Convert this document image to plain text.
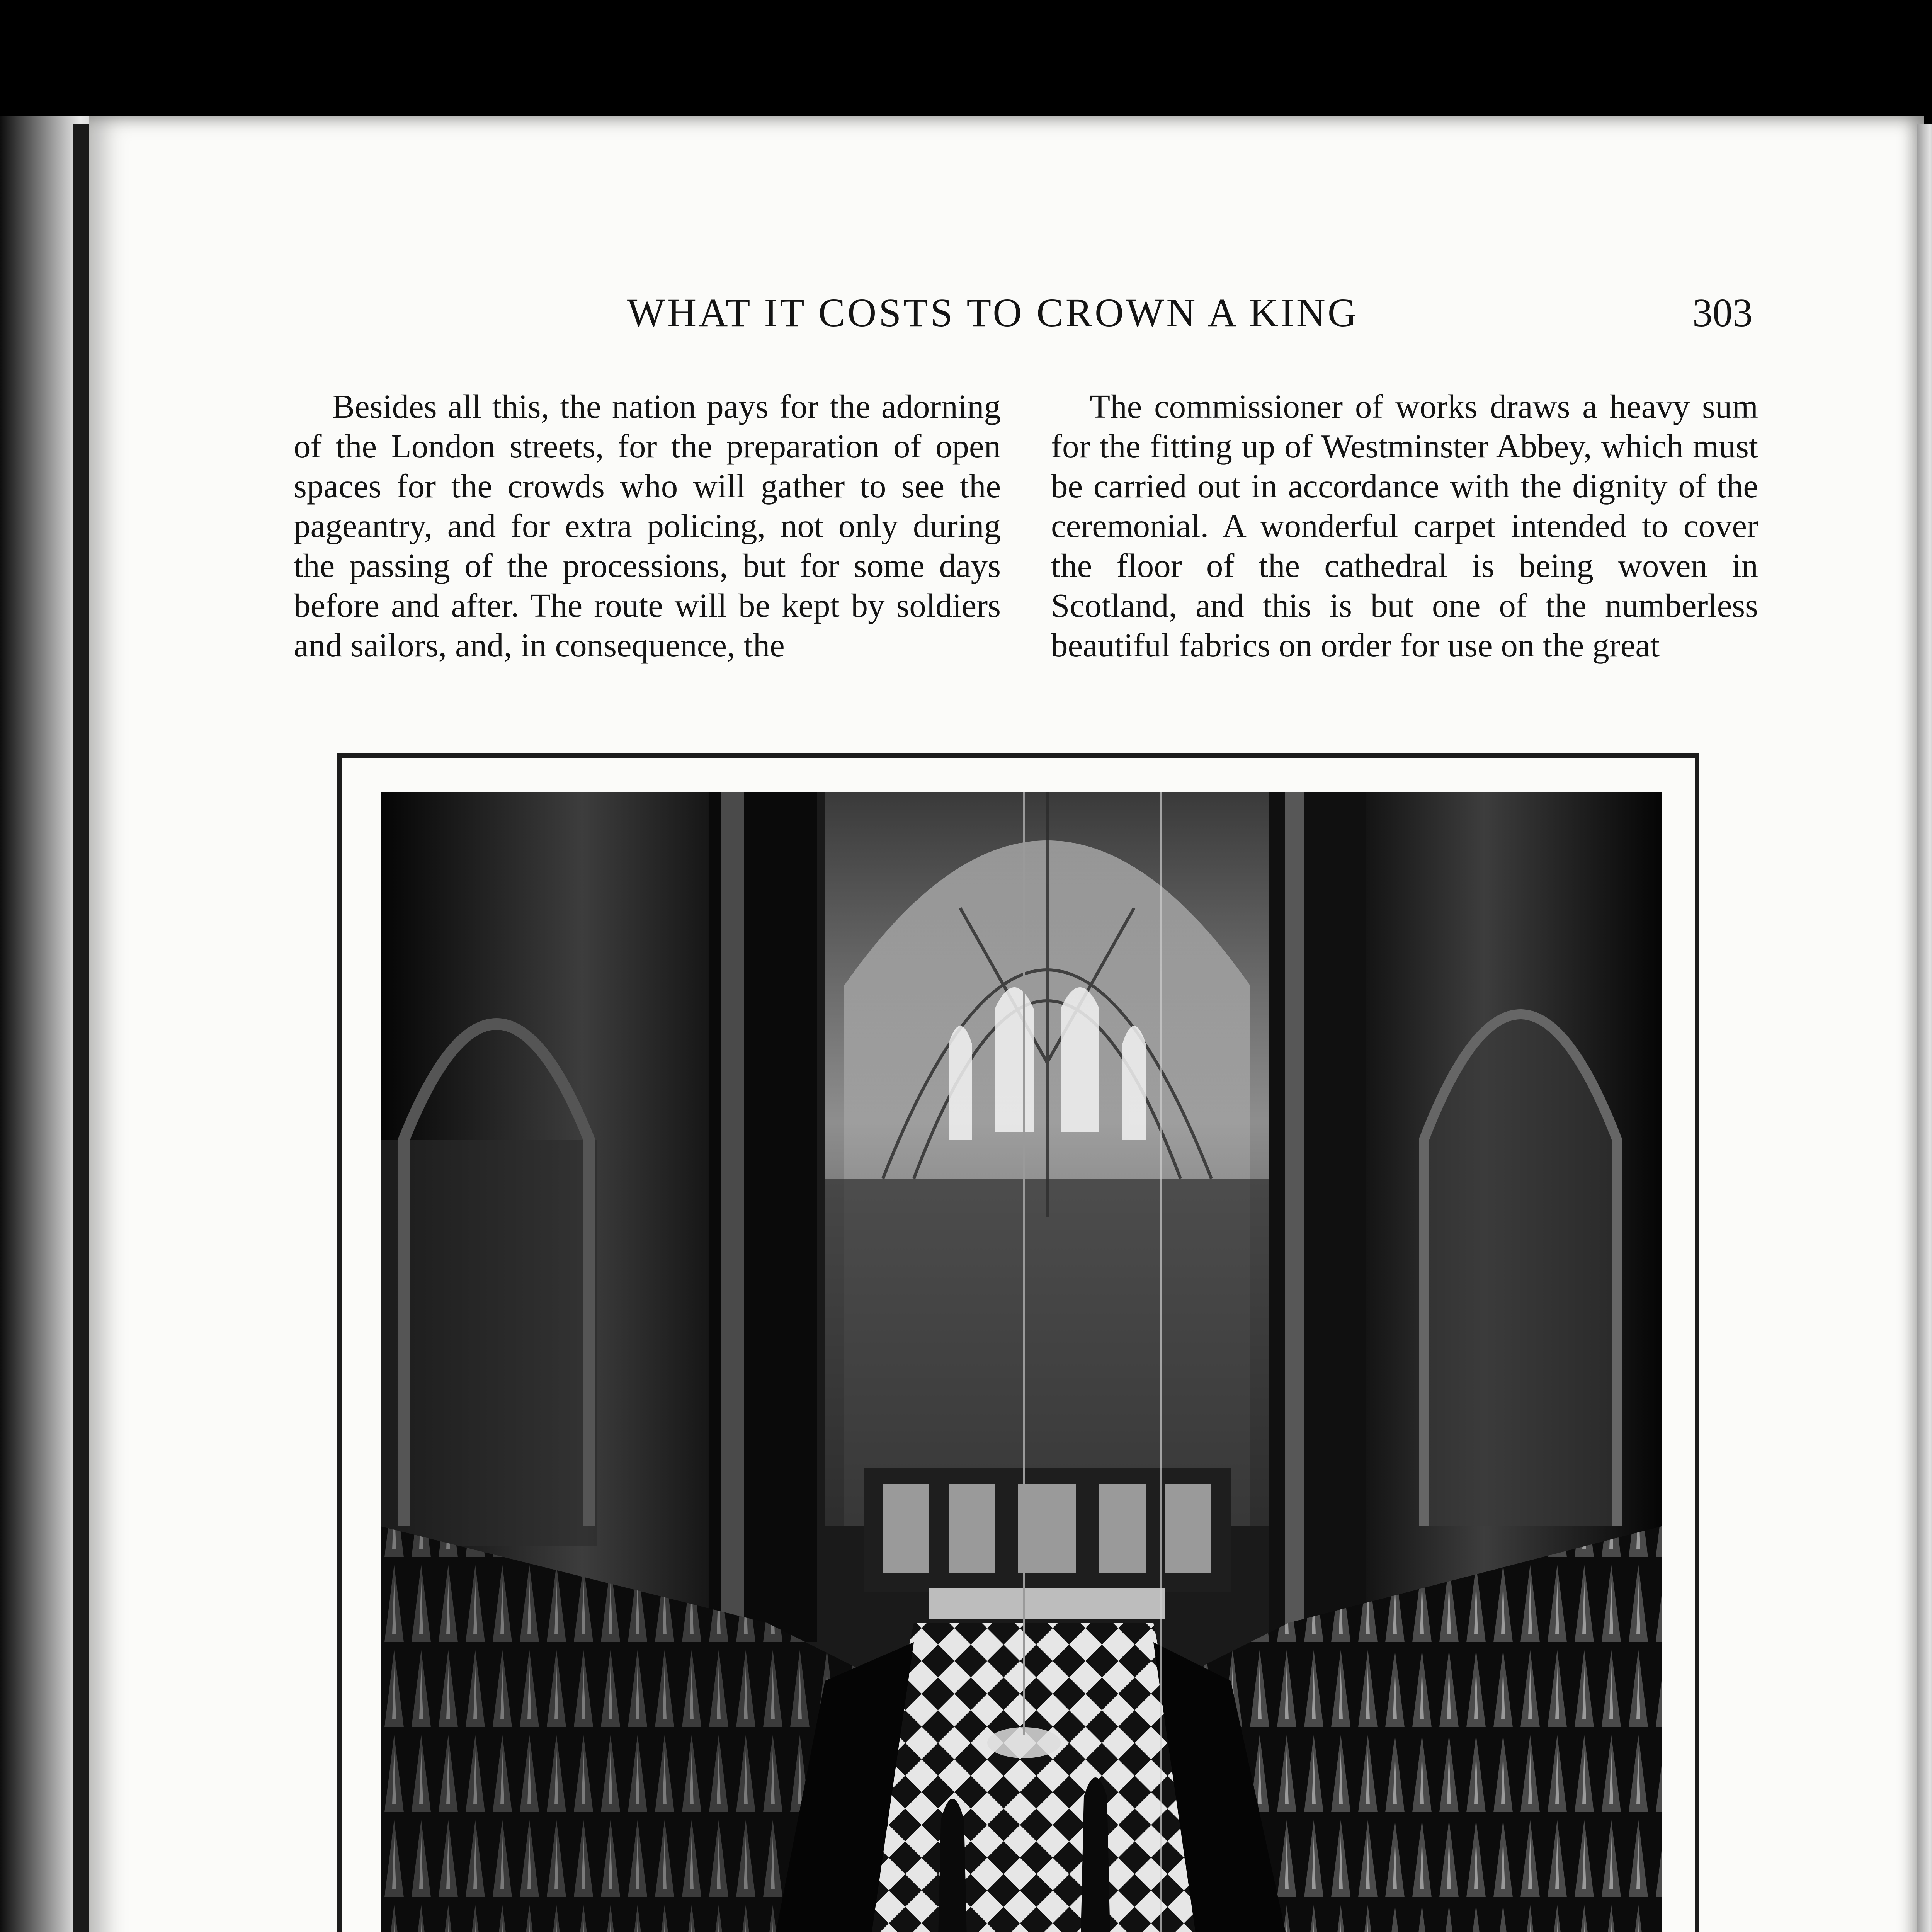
WHAT IT COSTS TO CROWN A KING	303

Besides all this, the nation pays for the adorning of the London streets, for the preparation of open spaces for the crowds who will gather to see the pageantry, and for extra policing, not only during the passing of the processions, but for some days before and after. The route will be kept by soldiers and sailors, and, in consequence, the

The commissioner of works draws a heavy sum for the fitting up of Westminster Abbey, which must be carried out in accordance with the dignity of the ceremonial. A wonderful carpet intended to cover the floor of the cathedral is being woven in Scotland, and this is but one of the numberless beautiful fabrics on order for use on the great
